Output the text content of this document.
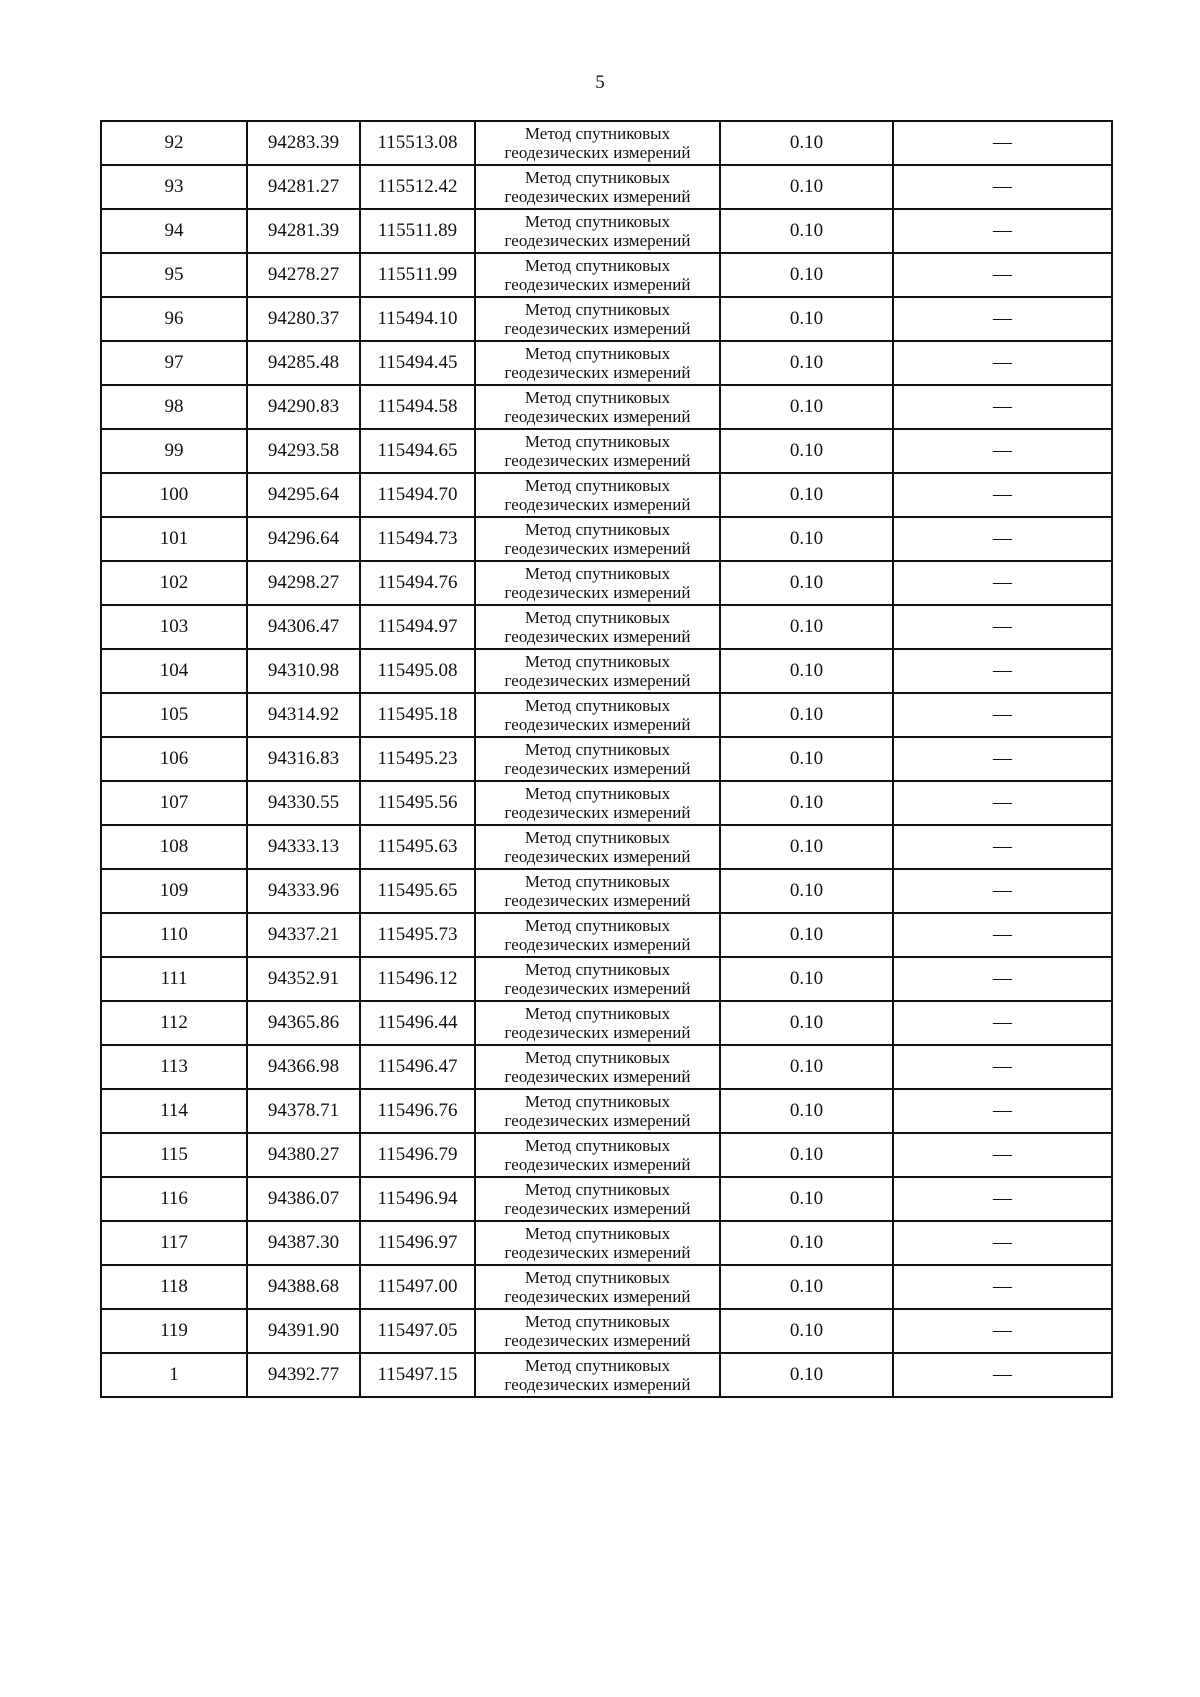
5
92	94283.39	115513.08	Метод спутниковых
геодезических измерений	0.10	—
93	94281.27	115512.42	Метод спутниковых
геодезических измерений	0.10	—
94	94281.39	115511.89	Метод спутниковых
геодезических измерений	0.10	—
95	94278.27	115511.99	Метод спутниковых
геодезических измерений	0.10	—
96	94280.37	115494.10	Метод спутниковых
геодезических измерений	0.10	—
97	94285.48	115494.45	Метод спутниковых
геодезических измерений	0.10	—
98	94290.83	115494.58	Метод спутниковых
геодезических измерений	0.10	—
99	94293.58	115494.65	Метод спутниковых
геодезических измерений	0.10	—
100	94295.64	115494.70	Метод спутниковых
геодезических измерений	0.10	—
101	94296.64	115494.73	Метод спутниковых
геодезических измерений	0.10	—
102	94298.27	115494.76	Метод спутниковых
геодезических измерений	0.10	—
103	94306.47	115494.97	Метод спутниковых
геодезических измерений	0.10	—
104	94310.98	115495.08	Метод спутниковых
геодезических измерений	0.10	—
105	94314.92	115495.18	Метод спутниковых
геодезических измерений	0.10	—
106	94316.83	115495.23	Метод спутниковых
геодезических измерений	0.10	—
107	94330.55	115495.56	Метод спутниковых
геодезических измерений	0.10	—
108	94333.13	115495.63	Метод спутниковых
геодезических измерений	0.10	—
109	94333.96	115495.65	Метод спутниковых
геодезических измерений	0.10	—
110	94337.21	115495.73	Метод спутниковых
геодезических измерений	0.10	—
111	94352.91	115496.12	Метод спутниковых
геодезических измерений	0.10	—
112	94365.86	115496.44	Метод спутниковых
геодезических измерений	0.10	—
113	94366.98	115496.47	Метод спутниковых
геодезических измерений	0.10	—
114	94378.71	115496.76	Метод спутниковых
геодезических измерений	0.10	—
115	94380.27	115496.79	Метод спутниковых
геодезических измерений	0.10	—
116	94386.07	115496.94	Метод спутниковых
геодезических измерений	0.10	—
117	94387.30	115496.97	Метод спутниковых
геодезических измерений	0.10	—
118	94388.68	115497.00	Метод спутниковых
геодезических измерений	0.10	—
119	94391.90	115497.05	Метод спутниковых
геодезических измерений	0.10	—
1	94392.77	115497.15	Метод спутниковых
геодезических измерений	0.10	—
